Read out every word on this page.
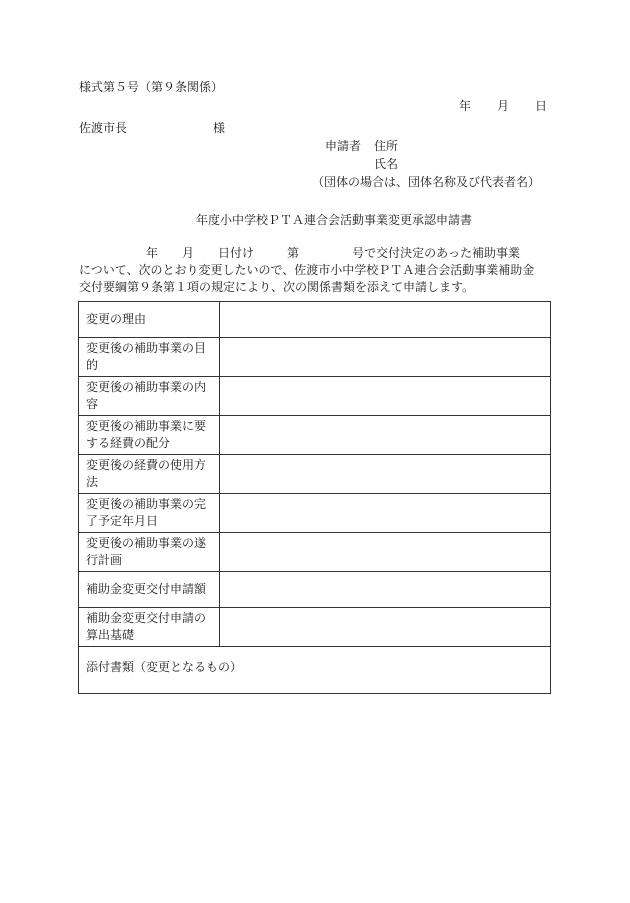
様式第５号（第９条関係）
年 月 日
佐渡市長	様
申請者 住所
氏名
（団体の場合は、団体名称及び代表者名）
年度小中学校ＰＴＡ連合会活動事業変更承認申請書
年 月 日付け	第	号で交付決定のあった補助事業
について、次のとおり変更したいので、佐渡市小中学校ＰＴＡ連合会活動事業補助金
交付要綱第９条第１項の規定により、次の関係書類を添えて申請します。
変更の理由	
変更後の補助事業の目
的	
変更後の補助事業の内
容	
変更後の補助事業に要
する経費の配分	
変更後の経費の使用方
法	
変更後の補助事業の完
了予定年月日	
変更後の補助事業の遂
行計画	
補助金変更交付申請額	
補助金変更交付申請の
算出基礎	

添付書類（変更となるもの）	
